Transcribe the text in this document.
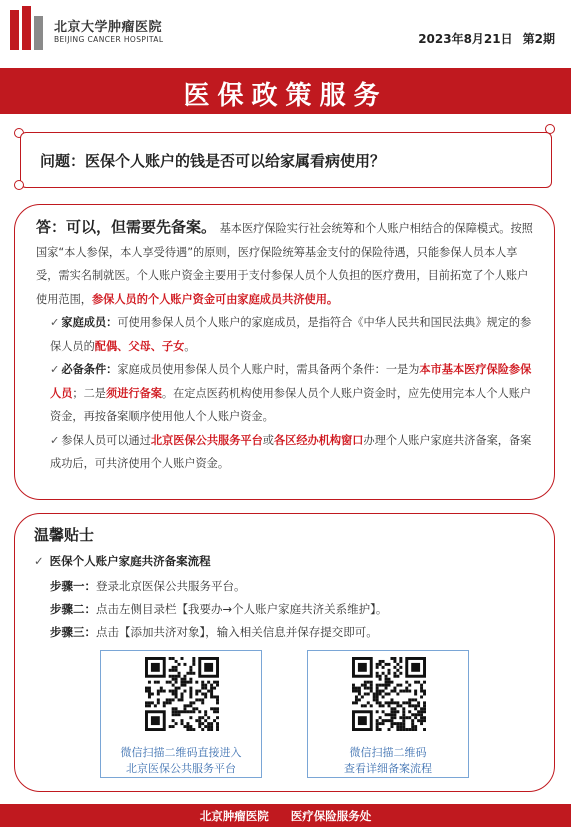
北京大学肿瘤医院
BEIJING CANCER HOSPITAL	2023年8月21日 第2期
医保政策服务
问题：医保个人账户的钱是否可以给家属看病使用？

答：可以，但需要先备案。 基本医疗保险实行社会统筹和个人账户相结合的保障模式。按照国家“本人参保，本人享受待遇”的原则，医疗保险统筹基金支付的保险待遇，只能参保人员本人享受，需实名制就医。个人账户资金主要用于支付参保人员个人负担的医疗费用，目前拓宽了个人账户使用范围，参保人员的个人账户资金可由家庭成员共济使用。

✓ 家庭成员：可使用参保人员个人账户的家庭成员，是指符合《中华人民共和国民法典》规定的参保人员的配偶、父母、子女。

✓ 必备条件：家庭成员使用参保人员个人账户时，需具备两个条件：一是为本市基本医疗保险参保人员；二是须进行备案。在定点医药机构使用参保人员个人账户资金时，应先使用完本人个人账户资金，再按备案顺序使用他人个人账户资金。

✓ 参保人员可以通过北京医保公共服务平台或各区经办机构窗口办理个人账户家庭共济备案，备案成功后，可共济使用个人账户资金。

温馨贴士
✓ 医保个人账户家庭共济备案流程
步骤一：登录北京医保公共服务平台。
步骤二：点击左侧目录栏【我要办→个人账户家庭共济关系维护】。
步骤三：点击【添加共济对象】，输入相关信息并保存提交即可。
微信扫描二维码直接进入
北京医保公共服务平台
微信扫描二维码
查看详细备案流程
北京肿瘤医院 医疗保险服务处
